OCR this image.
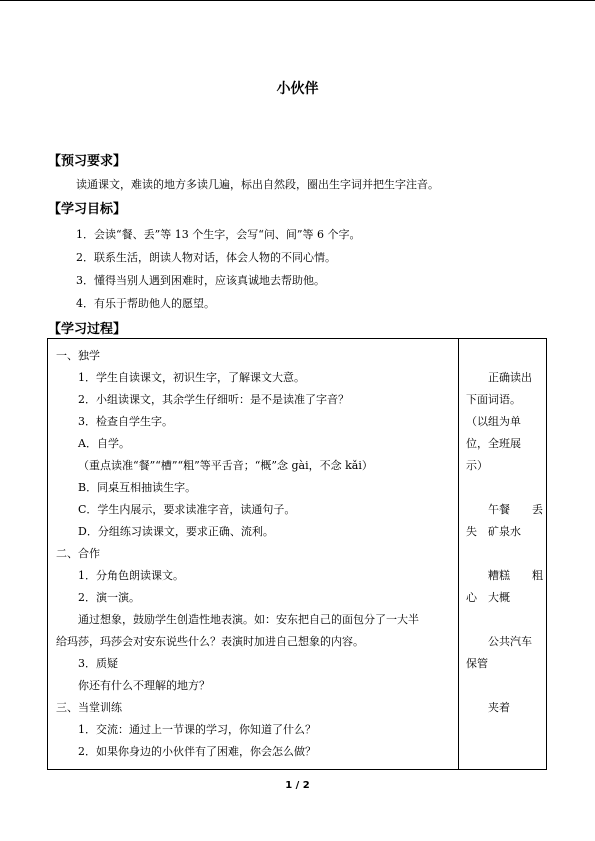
小伙伴
【预习要求】
读通课文，难读的地方多读几遍，标出自然段，圈出生字词并把生字注音。
【学习目标】
1．会读“餐、丢”等 13 个生字，会写“问、间”等 6 个字。
2．联系生活，朗读人物对话，体会人物的不同心情。
3．懂得当别人遇到困难时，应该真诚地去帮助他。
4．有乐于帮助他人的愿望。
【学习过程】
一、独学
1．学生自读课文，初识生字，了解课文大意。
2．小组读课文，其余学生仔细听：是不是读准了字音？
3．检查自学生字。
A．自学。
（重点读准“餐”“槽”“粗”等平舌音；“概”念 gài，不念 kǎi）
B．同桌互相抽读生字。
C．学生内展示，要求读准字音，读通句子。
D．分组练习读课文，要求正确、流利。
二、合作
1．分角色朗读课文。
2．演一演。
通过想象，鼓励学生创造性地表演。如：安东把自己的面包分了一大半
给玛莎，玛莎会对安东说些什么？表演时加进自己想象的内容。
3．质疑
你还有什么不理解的地方？
三、当堂训练
1．交流：通过上一节课的学习，你知道了什么？
2．如果你身边的小伙伴有了困难，你会怎么做？
正确读出
下面词语。
（以组为单
位，全班展
示）
午餐　　丢
失　矿泉水
糟糕　　粗
心　大概
公共汽车
保管
夹着
1 / 2
